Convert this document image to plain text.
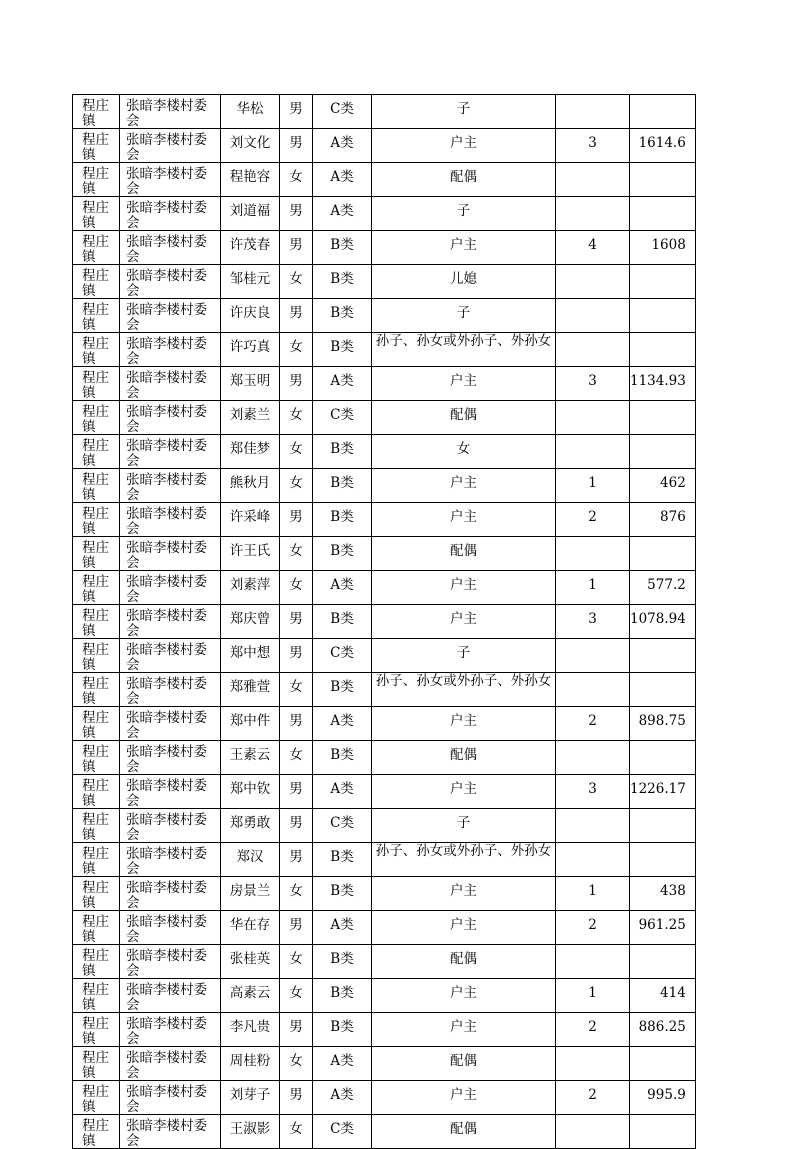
程庄镇	张暗李楼村委会	华松	男	C类	子		

程庄镇	张暗李楼村委会	刘文化	男	A类	户主	3	1614.6

程庄镇	张暗李楼村委会	程艳容	女	A类	配偶		

程庄镇	张暗李楼村委会	刘道福	男	A类	子		

程庄镇	张暗李楼村委会	许茂春	男	B类	户主	4	1608

程庄镇	张暗李楼村委会	邹桂元	女	B类	儿媳		

程庄镇	张暗李楼村委会	许庆良	男	B类	子		

程庄镇	张暗李楼村委会	许巧真	女	B类	孙子、孙女或外孙子、外孙女		

程庄镇	张暗李楼村委会	郑玉明	男	A类	户主	3	1134.93

程庄镇	张暗李楼村委会	刘素兰	女	C类	配偶		

程庄镇	张暗李楼村委会	郑佳梦	女	B类	女		

程庄镇	张暗李楼村委会	熊秋月	女	B类	户主	1	462

程庄镇	张暗李楼村委会	许采峰	男	B类	户主	2	876

程庄镇	张暗李楼村委会	许王氏	女	B类	配偶		

程庄镇	张暗李楼村委会	刘素萍	女	A类	户主	1	577.2

程庄镇	张暗李楼村委会	郑庆曾	男	B类	户主	3	1078.94

程庄镇	张暗李楼村委会	郑中想	男	C类	子		

程庄镇	张暗李楼村委会	郑雅萱	女	B类	孙子、孙女或外孙子、外孙女		

程庄镇	张暗李楼村委会	郑中件	男	A类	户主	2	898.75

程庄镇	张暗李楼村委会	王素云	女	B类	配偶		

程庄镇	张暗李楼村委会	郑中钦	男	A类	户主	3	1226.17

程庄镇	张暗李楼村委会	郑勇敢	男	C类	子		

程庄镇	张暗李楼村委会	郑汉	男	B类	孙子、孙女或外孙子、外孙女		

程庄镇	张暗李楼村委会	房景兰	女	B类	户主	1	438

程庄镇	张暗李楼村委会	华在存	男	A类	户主	2	961.25

程庄镇	张暗李楼村委会	张桂英	女	B类	配偶		

程庄镇	张暗李楼村委会	高素云	女	B类	户主	1	414

程庄镇	张暗李楼村委会	李凡贵	男	B类	户主	2	886.25

程庄镇	张暗李楼村委会	周桂粉	女	A类	配偶		

程庄镇	张暗李楼村委会	刘芽子	男	A类	户主	2	995.9

程庄镇	张暗李楼村委会	王淑影	女	C类	配偶		
